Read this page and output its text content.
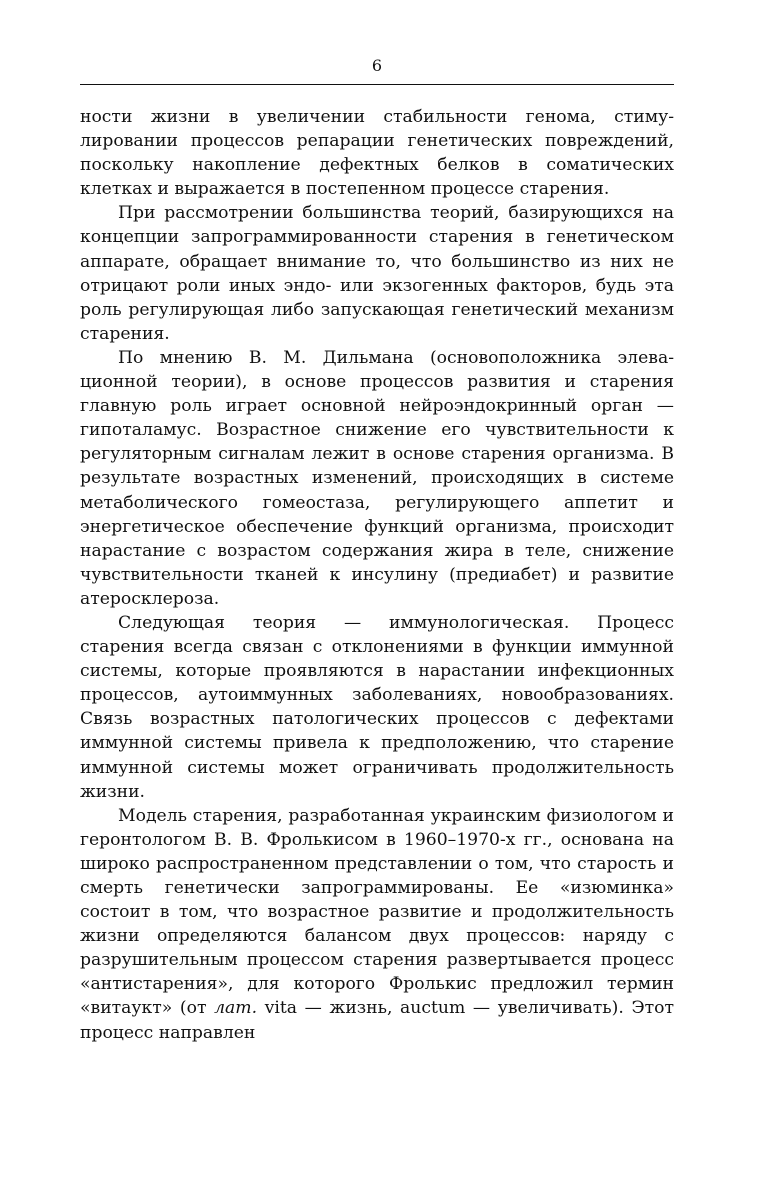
6

ности жизни в увеличении стабильности генома, стимулировании процессов репарации генетических повреждений, поскольку накопление дефектных белков в соматических клетках и выражается в постепенном процессе старения.

При рассмотрении большинства теорий, базирующихся на концепции запрограммированности старения в генетическом аппарате, обращает внимание то, что большинство из них не отрицают роли иных эндо- или экзогенных факторов, будь эта роль регулирующая либо запускающая генетический механизм старения.

По мнению В. М. Дильмана (основоположника элевационной теории), в основе процессов развития и старения главную роль играет основной нейроэндокринный орган — гипоталамус. Возрастное снижение его чувствительности к регуляторным сигналам лежит в основе старения организма. В результате возрастных изменений, происходящих в системе метаболического гомеостаза, регулирующего аппетит и энергетическое обеспечение функций организма, происходит нарастание с возрастом содержания жира в теле, снижение чувствительности тканей к инсулину (предиабет) и развитие атеросклероза.

Следующая теория — иммунологическая. Процесс старения всегда связан с отклонениями в функции иммунной системы, которые проявляются в нарастании инфекционных процессов, аутоиммунных заболеваниях, новообразованиях. Связь возрастных патологических процессов с дефектами иммунной системы привела к предположению, что старение иммунной системы может ограничивать продолжительность жизни.

Модель старения, разработанная украинским физиологом и геронтологом В. В. Фролькисом в 1960–1970-х гг., основана на широко распространенном представлении о том, что старость и смерть генетически запрограммированы. Ее «изюминка» состоит в том, что возрастное развитие и продолжительность жизни определяются балансом двух процессов: наряду с разрушительным процессом старения развертывается процесс «антистарения», для которого Фролькис предложил термин «витаукт» (от лат. vita — жизнь, auctum — увеличивать). Этот процесс направлен
